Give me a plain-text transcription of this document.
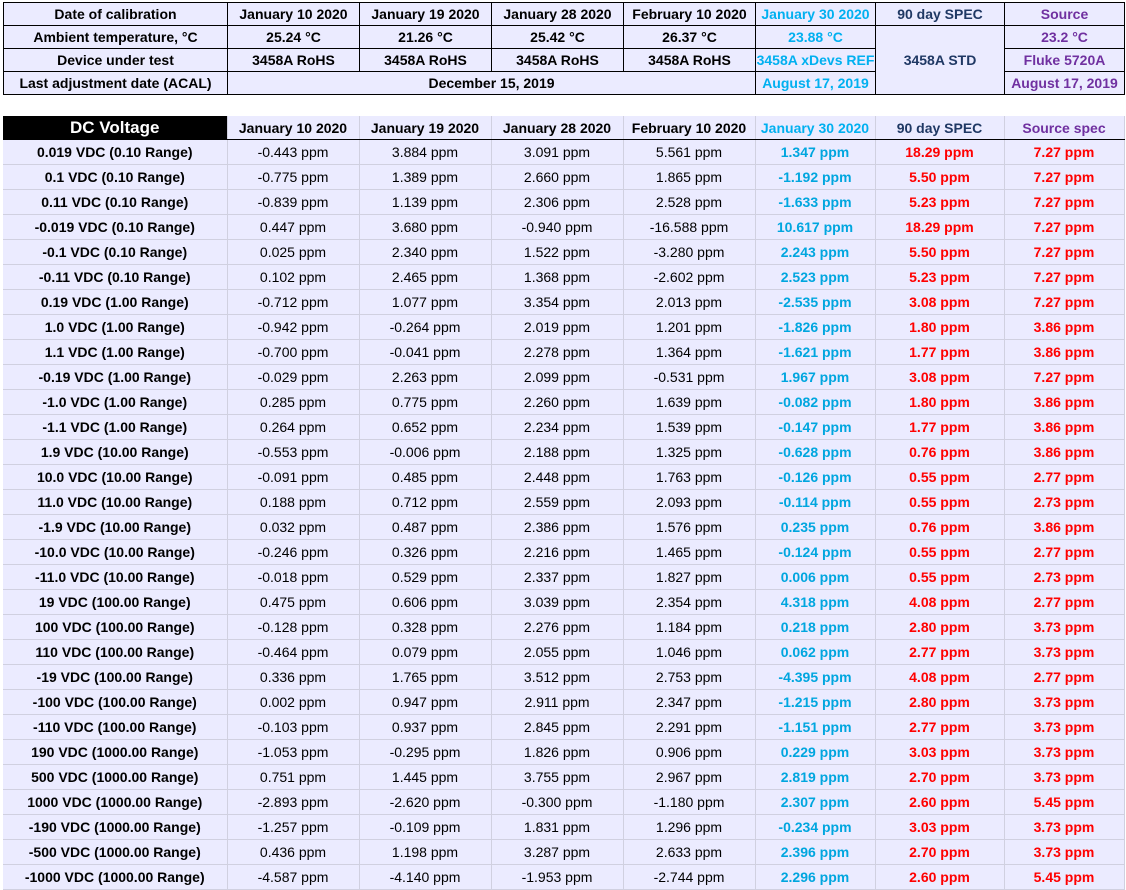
Date of calibration	January 10 2020	January 19 2020	January 28 2020	February 10 2020	January 30 2020	90 day SPEC	Source
Ambient temperature, °C	25.24 °C	21.26 °C	25.42 °C	26.37 °C	23.88 °C	3458A STD	23.2 °C
Device under test	3458A RoHS	3458A RoHS	3458A RoHS	3458A RoHS	3458A xDevs REF		Fluke 5720A
Last adjustment date (ACAL)	December 15, 2019				August 17, 2019		August 17, 2019
DC Voltage	January 10 2020	January 19 2020	January 28 2020	February 10 2020	January 30 2020	90 day SPEC	Source spec
0.019 VDC (0.10 Range)	-0.443 ppm	3.884 ppm	3.091 ppm	5.561 ppm	1.347 ppm	18.29 ppm	7.27 ppm
0.1 VDC (0.10 Range)	-0.775 ppm	1.389 ppm	2.660 ppm	1.865 ppm	-1.192 ppm	5.50 ppm	7.27 ppm
0.11 VDC (0.10 Range)	-0.839 ppm	1.139 ppm	2.306 ppm	2.528 ppm	-1.633 ppm	5.23 ppm	7.27 ppm
-0.019 VDC (0.10 Range)	0.447 ppm	3.680 ppm	-0.940 ppm	-16.588 ppm	10.617 ppm	18.29 ppm	7.27 ppm
-0.1 VDC (0.10 Range)	0.025 ppm	2.340 ppm	1.522 ppm	-3.280 ppm	2.243 ppm	5.50 ppm	7.27 ppm
-0.11 VDC (0.10 Range)	0.102 ppm	2.465 ppm	1.368 ppm	-2.602 ppm	2.523 ppm	5.23 ppm	7.27 ppm
0.19 VDC (1.00 Range)	-0.712 ppm	1.077 ppm	3.354 ppm	2.013 ppm	-2.535 ppm	3.08 ppm	7.27 ppm
1.0 VDC (1.00 Range)	-0.942 ppm	-0.264 ppm	2.019 ppm	1.201 ppm	-1.826 ppm	1.80 ppm	3.86 ppm
1.1 VDC (1.00 Range)	-0.700 ppm	-0.041 ppm	2.278 ppm	1.364 ppm	-1.621 ppm	1.77 ppm	3.86 ppm
-0.19 VDC (1.00 Range)	-0.029 ppm	2.263 ppm	2.099 ppm	-0.531 ppm	1.967 ppm	3.08 ppm	7.27 ppm
-1.0 VDC (1.00 Range)	0.285 ppm	0.775 ppm	2.260 ppm	1.639 ppm	-0.082 ppm	1.80 ppm	3.86 ppm
-1.1 VDC (1.00 Range)	0.264 ppm	0.652 ppm	2.234 ppm	1.539 ppm	-0.147 ppm	1.77 ppm	3.86 ppm
1.9 VDC (10.00 Range)	-0.553 ppm	-0.006 ppm	2.188 ppm	1.325 ppm	-0.628 ppm	0.76 ppm	3.86 ppm
10.0 VDC (10.00 Range)	-0.091 ppm	0.485 ppm	2.448 ppm	1.763 ppm	-0.126 ppm	0.55 ppm	2.77 ppm
11.0 VDC (10.00 Range)	0.188 ppm	0.712 ppm	2.559 ppm	2.093 ppm	-0.114 ppm	0.55 ppm	2.73 ppm
-1.9 VDC (10.00 Range)	0.032 ppm	0.487 ppm	2.386 ppm	1.576 ppm	0.235 ppm	0.76 ppm	3.86 ppm
-10.0 VDC (10.00 Range)	-0.246 ppm	0.326 ppm	2.216 ppm	1.465 ppm	-0.124 ppm	0.55 ppm	2.77 ppm
-11.0 VDC (10.00 Range)	-0.018 ppm	0.529 ppm	2.337 ppm	1.827 ppm	0.006 ppm	0.55 ppm	2.73 ppm
19 VDC (100.00 Range)	0.475 ppm	0.606 ppm	3.039 ppm	2.354 ppm	4.318 ppm	4.08 ppm	2.77 ppm
100 VDC (100.00 Range)	-0.128 ppm	0.328 ppm	2.276 ppm	1.184 ppm	0.218 ppm	2.80 ppm	3.73 ppm
110 VDC (100.00 Range)	-0.464 ppm	0.079 ppm	2.055 ppm	1.046 ppm	0.062 ppm	2.77 ppm	3.73 ppm
-19 VDC (100.00 Range)	0.336 ppm	1.765 ppm	3.512 ppm	2.753 ppm	-4.395 ppm	4.08 ppm	2.77 ppm
-100 VDC (100.00 Range)	0.002 ppm	0.947 ppm	2.911 ppm	2.347 ppm	-1.215 ppm	2.80 ppm	3.73 ppm
-110 VDC (100.00 Range)	-0.103 ppm	0.937 ppm	2.845 ppm	2.291 ppm	-1.151 ppm	2.77 ppm	3.73 ppm
190 VDC (1000.00 Range)	-1.053 ppm	-0.295 ppm	1.826 ppm	0.906 ppm	0.229 ppm	3.03 ppm	3.73 ppm
500 VDC (1000.00 Range)	0.751 ppm	1.445 ppm	3.755 ppm	2.967 ppm	2.819 ppm	2.70 ppm	3.73 ppm
1000 VDC (1000.00 Range)	-2.893 ppm	-2.620 ppm	-0.300 ppm	-1.180 ppm	2.307 ppm	2.60 ppm	5.45 ppm
-190 VDC (1000.00 Range)	-1.257 ppm	-0.109 ppm	1.831 ppm	1.296 ppm	-0.234 ppm	3.03 ppm	3.73 ppm
-500 VDC (1000.00 Range)	0.436 ppm	1.198 ppm	3.287 ppm	2.633 ppm	2.396 ppm	2.70 ppm	3.73 ppm
-1000 VDC (1000.00 Range)	-4.587 ppm	-4.140 ppm	-1.953 ppm	-2.744 ppm	2.296 ppm	2.60 ppm	5.45 ppm
